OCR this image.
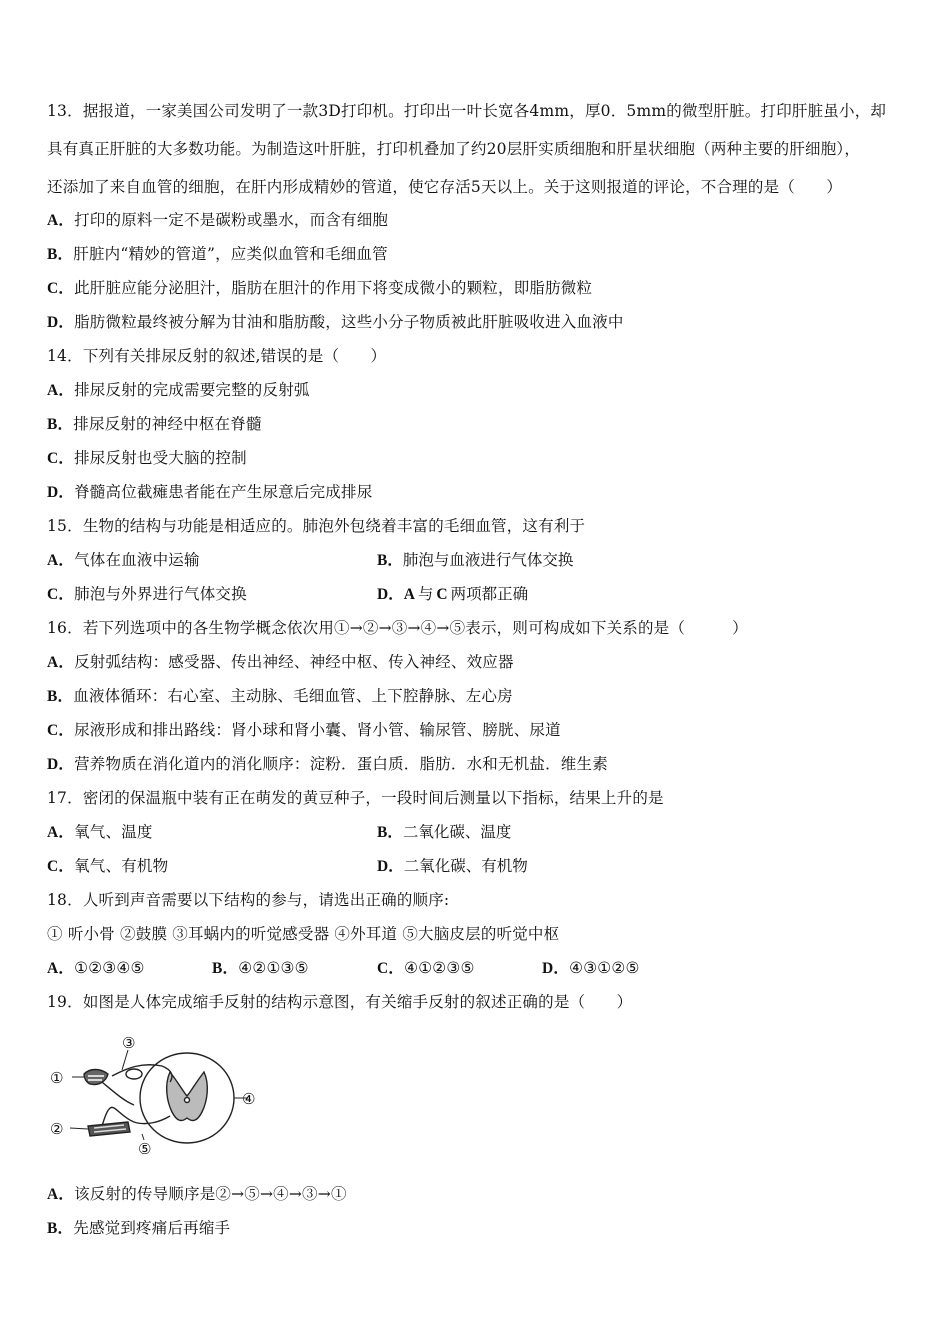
13．据报道，一家美国公司发明了一款3D打印机。打印出一叶长宽各4mm，厚0．5mm的微型肝脏。打印肝脏虽小，却
具有真正肝脏的大多数功能。为制造这叶肝脏，打印机叠加了约20层肝实质细胞和肝星状细胞（两种主要的肝细胞），
还添加了来自血管的细胞，在肝内形成精妙的管道，使它存活5天以上。关于这则报道的评论，不合理的是（　　）
A．打印的原料一定不是碳粉或墨水，而含有细胞
B．肝脏内“精妙的管道”，应类似血管和毛细血管
C．此肝脏应能分泌胆汁，脂肪在胆汁的作用下将变成微小的颗粒，即脂肪微粒
D．脂肪微粒最终被分解为甘油和脂肪酸，这些小分子物质被此肝脏吸收进入血液中
14．下列有关排尿反射的叙述,错误的是（　　）
A．排尿反射的完成需要完整的反射弧
B．排尿反射的神经中枢在脊髓
C．排尿反射也受大脑的控制
D．脊髓高位截瘫患者能在产生尿意后完成排尿
15．生物的结构与功能是相适应的。肺泡外包绕着丰富的毛细血管，这有利于
A．气体在血液中运输	B．肺泡与血液进行气体交换
C．肺泡与外界进行气体交换	D．A 与 C 两项都正确
16．若下列选项中的各生物学概念依次用①→②→③→④→⑤表示，则可构成如下关系的是（　　　）
A．反射弧结构：感受器、传出神经、神经中枢、传入神经、效应器
B．血液体循环：右心室、主动脉、毛细血管、上下腔静脉、左心房
C．尿液形成和排出路线：肾小球和肾小囊、肾小管、输尿管、膀胱、尿道
D．营养物质在消化道内的消化顺序：淀粉．蛋白质．脂肪．水和无机盐．维生素
17．密闭的保温瓶中装有正在萌发的黄豆种子，一段时间后测量以下指标，结果上升的是
A．氧气、温度	B．二氧化碳、温度
C．氧气、有机物	D．二氧化碳、有机物
18．人听到声音需要以下结构的参与，请选出正确的顺序:
① 听小骨 ②鼓膜 ③耳蜗内的听觉感受器 ④外耳道 ⑤大脑皮层的听觉中枢
A．①②③④⑤	B．④②①③⑤	C．④①②③⑤	D．④③①②⑤
19．如图是人体完成缩手反射的结构示意图，有关缩手反射的叙述正确的是（　　）
①
②
③
④
⑤
A．该反射的传导顺序是②→⑤→④→③→①
B．先感觉到疼痛后再缩手
